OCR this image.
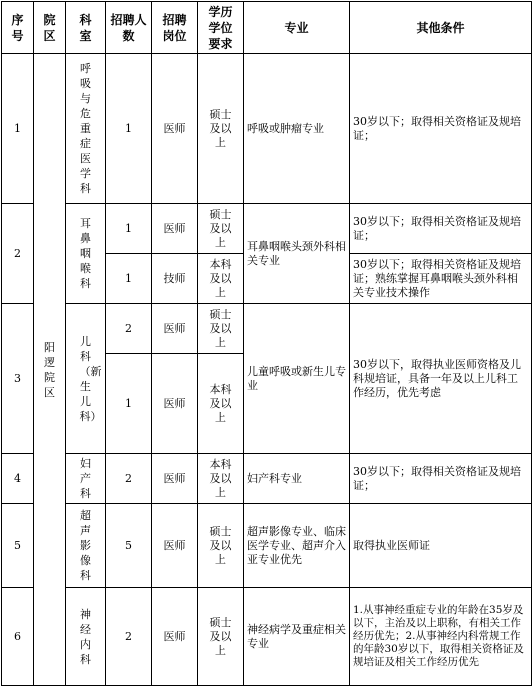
序号	院区	科室	招聘人数	招聘岗位	学历学位要求	专业	其他条件
1	阳逻院区	呼吸与危重症医学科	1	医师	硕士及以上	呼吸或肿瘤专业	30岁以下；取得相关资格证及规培证；
2		耳鼻咽喉科	1	医师	硕士及以上	耳鼻咽喉头颈外科相关专业	30岁以下；取得相关资格证及规培证；
			1	技师	本科及以上		30岁以下；取得相关资格证及规培证；熟练掌握耳鼻咽喉头颈外科相关专业技术操作
3		儿科（新生儿科）	2	医师	硕士及以上	儿童呼吸或新生儿专业	30岁以下，取得执业医师资格及儿科规培证，具备一年及以上儿科工作经历，优先考虑
			1	医师	本科及以上		

4		妇产科	2	医师	本科及以上	妇产科专业	30岁以下；取得相关资格证及规培证；
5		超声影像科	5	医师	硕士及以上	超声影像专业、临床医学专业、超声介入亚专业优先	取得执业医师证
6		神经内科	2	医师	硕士及以上	神经病学及重症相关专业	1.从事神经重症专业的年龄在35岁及以下，主治及以上职称，有相关工作经历优先；2.从事神经内科常规工作的年龄30岁以下，取得相关资格证及规培证及相关工作经历优先
